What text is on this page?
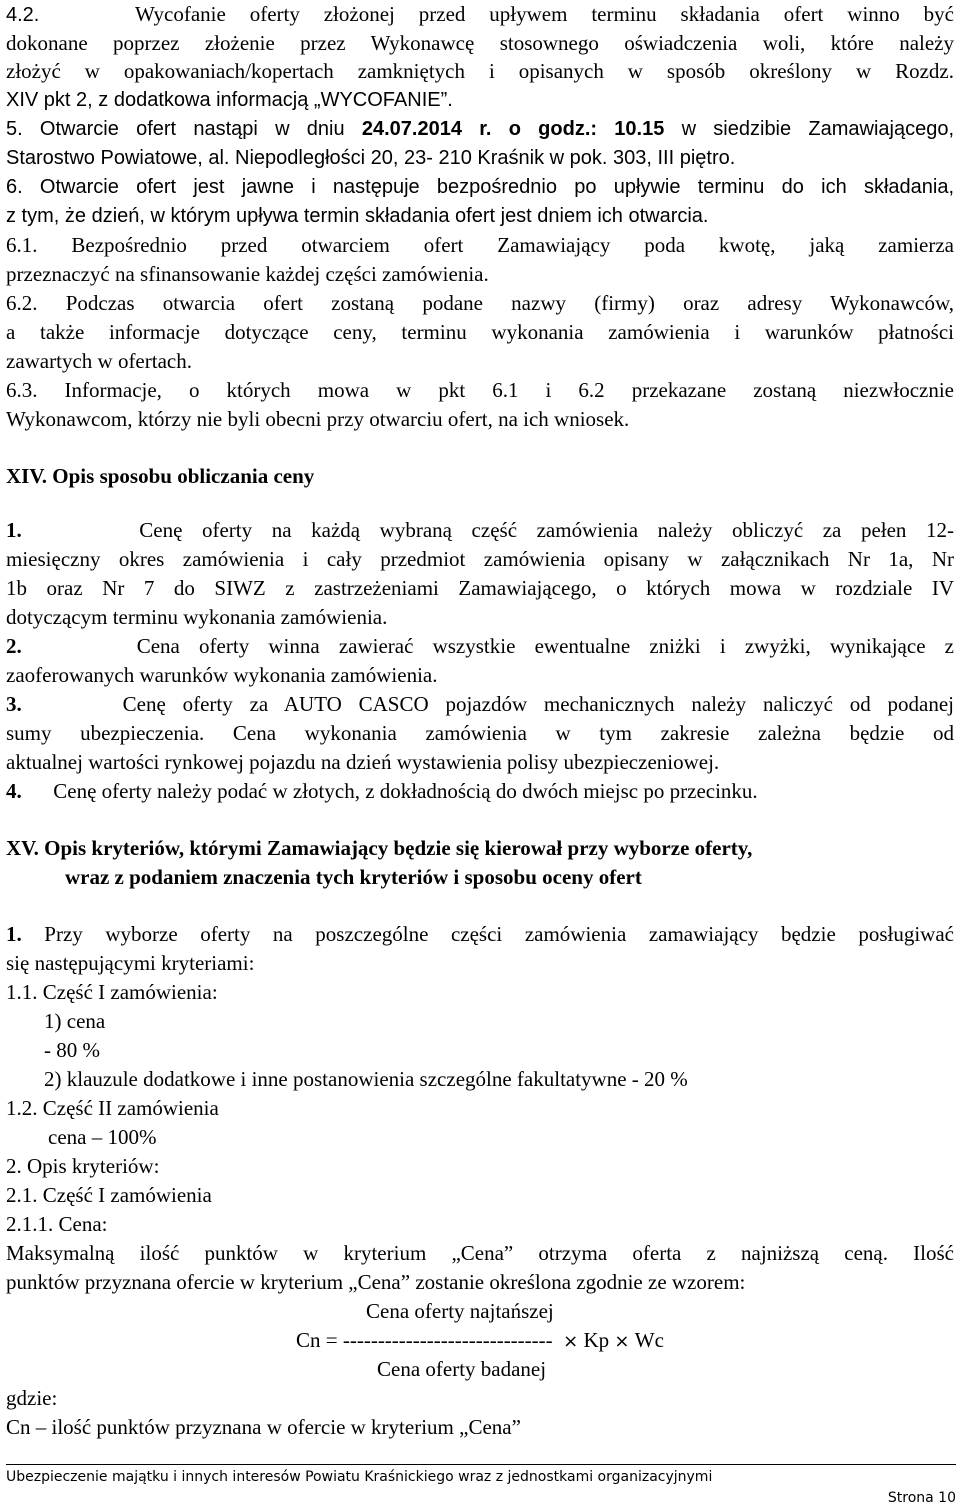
4.2.	Wycofanie oferty złożonej przed upływem terminu składania ofert winno być
dokonane poprzez złożenie przez Wykonawcę stosownego oświadczenia woli, które należy
złożyć w opakowaniach/kopertach zamkniętych i opisanych w sposób określony w Rozdz.
XIV pkt 2, z dodatkowa informacją „WYCOFANIE”.
5. Otwarcie ofert nastąpi w dniu 24.07.2014 r. o godz.: 10.15 w siedzibie Zamawiającego,
Starostwo Powiatowe, al. Niepodległości 20, 23- 210 Kraśnik w pok. 303, III piętro.
6. Otwarcie ofert jest jawne i następuje bezpośrednio po upływie terminu do ich składania,
z tym, że dzień, w którym upływa termin składania ofert jest dniem ich otwarcia.
6.1. Bezpośrednio przed otwarciem ofert Zamawiający poda kwotę, jaką zamierza
przeznaczyć na sfinansowanie każdej części zamówienia.
6.2. Podczas otwarcia ofert zostaną podane nazwy (firmy) oraz adresy Wykonawców,
a także informacje dotyczące ceny, terminu wykonania zamówienia i warunków płatności
zawartych w ofertach.
6.3. Informacje, o których mowa w pkt 6.1 i 6.2 przekazane zostaną niezwłocznie
Wykonawcom, którzy nie byli obecni przy otwarciu ofert, na ich wniosek.
XIV. Opis sposobu obliczania ceny
1.	Cenę oferty na każdą wybraną część zamówienia należy obliczyć za pełen 12-
miesięczny okres zamówienia i cały przedmiot zamówienia opisany w załącznikach Nr 1a, Nr
1b oraz Nr 7 do SIWZ z zastrzeżeniami Zamawiającego, o których mowa w rozdziale IV
dotyczącym terminu wykonania zamówienia.
2.	Cena oferty winna zawierać wszystkie ewentualne zniżki i zwyżki, wynikające z
zaoferowanych warunków wykonania zamówienia.
3.	Cenę oferty za AUTO CASCO pojazdów mechanicznych należy naliczyć od podanej
sumy ubezpieczenia. Cena wykonania zamówienia w tym zakresie zależna będzie od
aktualnej wartości rynkowej pojazdu na dzień wystawienia polisy ubezpieczeniowej.
4. Cenę oferty należy podać w złotych, z dokładnością do dwóch miejsc po przecinku.
XV. Opis kryteriów, którymi Zamawiający będzie się kierował przy wyborze oferty,
wraz z podaniem znaczenia tych kryteriów i sposobu oceny ofert
1. Przy wyborze oferty na poszczególne części zamówienia zamawiający będzie posługiwać
się następującymi kryteriami:
1.1. Część I zamówienia:
1) cena
- 80 %
2) klauzule dodatkowe i inne postanowienia szczególne fakultatywne - 20 %
1.2. Część II zamówienia
cena – 100%
2. Opis kryteriów:
2.1. Część I zamówienia
2.1.1. Cena:
Maksymalną ilość punktów w kryterium „Cena” otrzyma oferta z najniższą ceną. Ilość
punktów przyznana ofercie w kryterium „Cena” zostanie określona zgodnie ze wzorem:
Cena oferty najtańszej
Cn = ------------------------------ × Kp × Wc
Cena oferty badanej
gdzie:
Cn – ilość punktów przyznana w ofercie w kryterium „Cena”
Ubezpieczenie majątku i innych interesów Powiatu Kraśnickiego wraz z jednostkami organizacyjnymi
Strona 10
